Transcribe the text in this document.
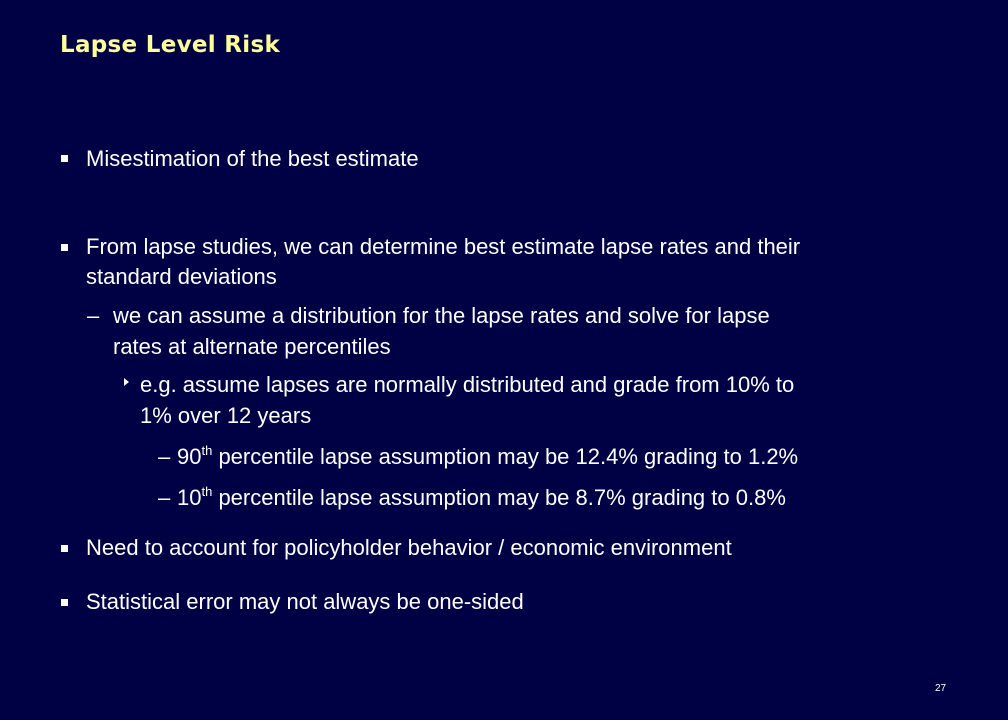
Lapse Level Risk
Misestimation of the best estimate
From lapse studies, we can determine best estimate lapse rates and their
standard deviations
– we can assume a distribution for the lapse rates and solve for lapse
rates at alternate percentiles
e.g. assume lapses are normally distributed and grade from 10% to
1% over 12 years
– 90th percentile lapse assumption may be 12.4% grading to 1.2%
– 10th percentile lapse assumption may be 8.7% grading to 0.8%
Need to account for policyholder behavior / economic environment
Statistical error may not always be one-sided
27
